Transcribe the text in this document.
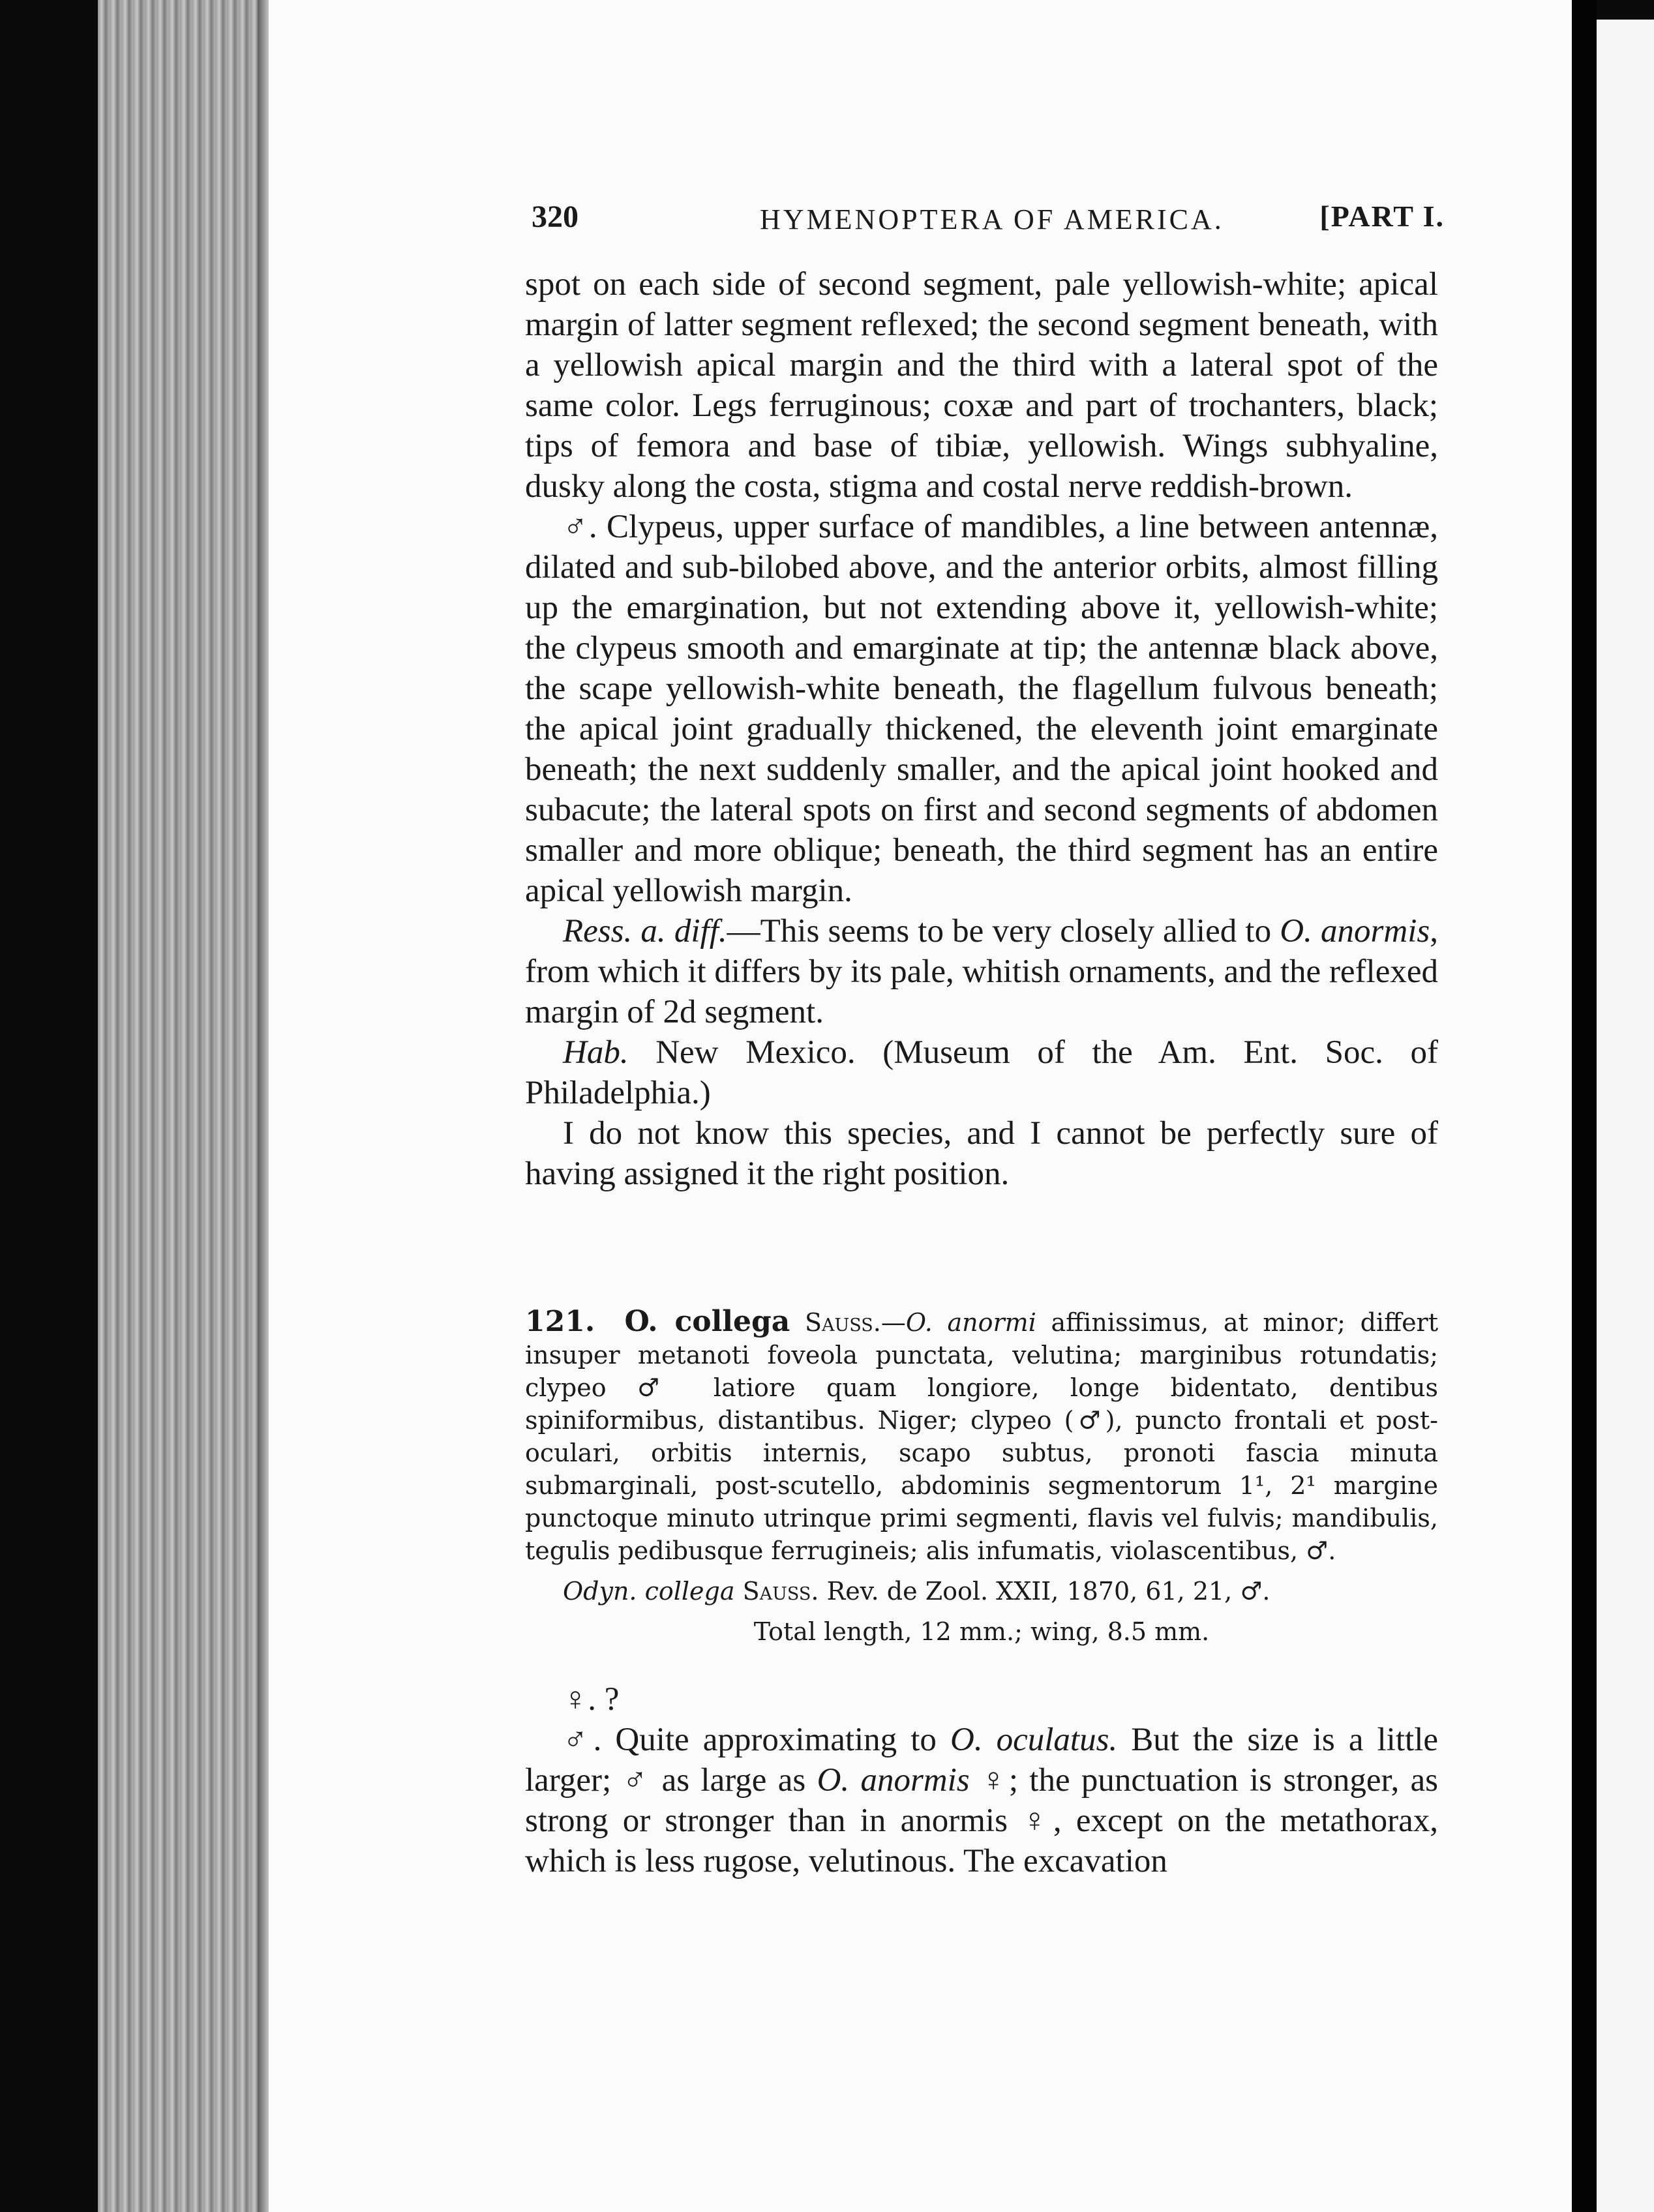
320	HYMENOPTERA OF AMERICA.	[PART I.

spot on each side of second segment, pale yellowish-white; apical margin of latter segment reflexed; the second segment beneath, with a yellowish apical margin and the third with a lateral spot of the same color. Legs ferruginous; coxæ and part of trochanters, black; tips of femora and base of tibiæ, yellowish. Wings subhyaline, dusky along the costa, stigma and costal nerve reddish-brown.

♂. Clypeus, upper surface of mandibles, a line between antennæ, dilated and sub-bilobed above, and the anterior orbits, almost filling up the emargination, but not extending above it, yellowish-white; the clypeus smooth and emarginate at tip; the antennæ black above, the scape yellowish-white beneath, the flagellum fulvous beneath; the apical joint gradually thickened, the eleventh joint emarginate beneath; the next suddenly smaller, and the apical joint hooked and subacute; the lateral spots on first and second segments of abdomen smaller and more oblique; beneath, the third segment has an entire apical yellowish margin.

Ress. a. diff.—This seems to be very closely allied to O. anormis, from which it differs by its pale, whitish ornaments, and the reflexed margin of 2d segment.

Hab. New Mexico. (Museum of the Am. Ent. Soc. of Philadelphia.)

I do not know this species, and I cannot be perfectly sure of having assigned it the right position.

121. O. collega Sauss.—O. anormi affinissimus, at minor; differt insuper metanoti foveola punctata, velutina; marginibus rotundatis; clypeo ♂ latiore quam longiore, longe bidentato, dentibus spiniformibus, distantibus. Niger; clypeo (♂), puncto frontali et post-oculari, orbitis internis, scapo subtus, pronoti fascia minuta submarginali, post-scutello, abdominis segmentorum 1¹, 2¹ margine punctoque minuto utrinque primi segmenti, flavis vel fulvis; mandibulis, tegulis pedibusque ferrugineis; alis infumatis, violascentibus, ♂.

Odyn. collega Sauss. Rev. de Zool. XXII, 1870, 61, 21, ♂.

Total length, 12 mm.; wing, 8.5 mm.

♀. ?

♂. Quite approximating to O. oculatus. But the size is a little larger; ♂ as large as O. anormis ♀; the punctuation is stronger, as strong or stronger than in anormis ♀, except on the metathorax, which is less rugose, velutinous. The excavation
